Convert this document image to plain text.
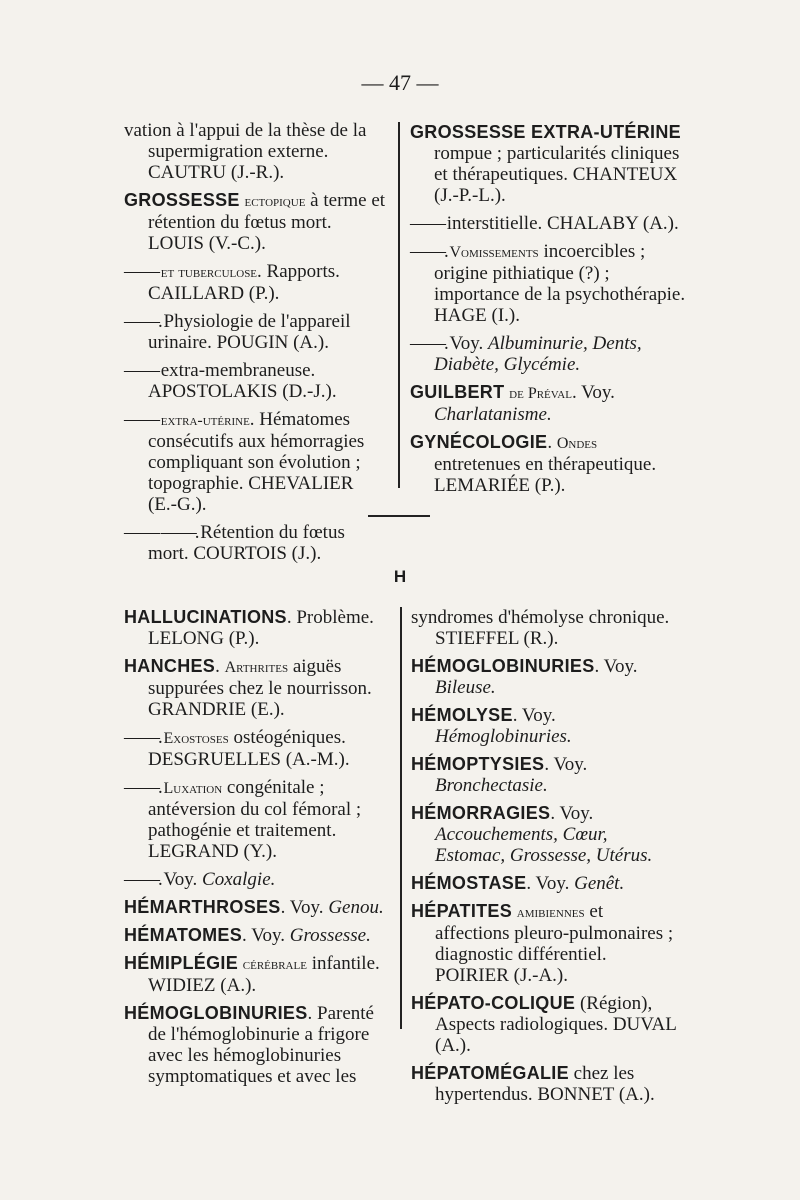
— 47 —
vation à l'appui de la thèse de la supermigration externe. CAUTRU (J.-R.).
GROSSESSE ectopique à terme et rétention du fœtus mort. LOUIS (V.-C.).
—— et tuberculose. Rapports. CAILLARD (P.).
——. Physiologie de l'appareil urinaire. POUGIN (A.).
—— extra-membraneuse. APOSTOLAKIS (D.-J.).
—— extra-utérine. Hématomes consécutifs aux hémorragies compliquant son évolution ; topographie. CHEVALIER (E.-G.).
—— ——. Rétention du fœtus mort. COURTOIS (J.).
GROSSESSE EXTRA-UTÉRINE rompue ; particularités cliniques et thérapeutiques. CHANTEUX (J.-P.-L.).
—— interstitielle. CHALABY (A.).
——. Vomissements incoercibles ; origine pithiatique (?) ; importance de la psychothérapie. HAGE (I.).
——. Voy. Albuminurie, Dents, Diabète, Glycémie.
GUILBERT de Préval. Voy. Charlatanisme.
GYNÉCOLOGIE. Ondes entretenues en thérapeutique. LEMARIÉE (P.).
H
HALLUCINATIONS. Problème. LELONG (P.).
HANCHES. Arthrites aiguës suppurées chez le nourrisson. GRANDRIE (E.).
——. Exostoses ostéogéniques. DESGRUELLES (A.-M.).
——. Luxation congénitale ; antéversion du col fémoral ; pathogénie et traitement. LEGRAND (Y.).
——. Voy. Coxalgie.
HÉMARTHROSES. Voy. Genou.
HÉMATOMES. Voy. Grossesse.
HÉMIPLÉGIE cérébrale infantile. WIDIEZ (A.).
HÉMOGLOBINURIES. Parenté de l'hémoglobinurie a frigore avec les hémoglobinuries symptomatiques et avec les
syndromes d'hémolyse chronique. STIEFFEL (R.).
HÉMOGLOBINURIES. Voy. Bileuse.
HÉMOLYSE. Voy. Hémoglobinuries.
HÉMOPTYSIES. Voy. Bronchectasie.
HÉMORRAGIES. Voy. Accouchements, Cœur, Estomac, Grossesse, Utérus.
HÉMOSTASE. Voy. Genêt.
HÉPATITES amibiennes et affections pleuro-pulmonaires ; diagnostic différentiel. POIRIER (J.-A.).
HÉPATO-COLIQUE (Région), Aspects radiologiques. DUVAL (A.).
HÉPATOMÉGALIE chez les hypertendus. BONNET (A.).
